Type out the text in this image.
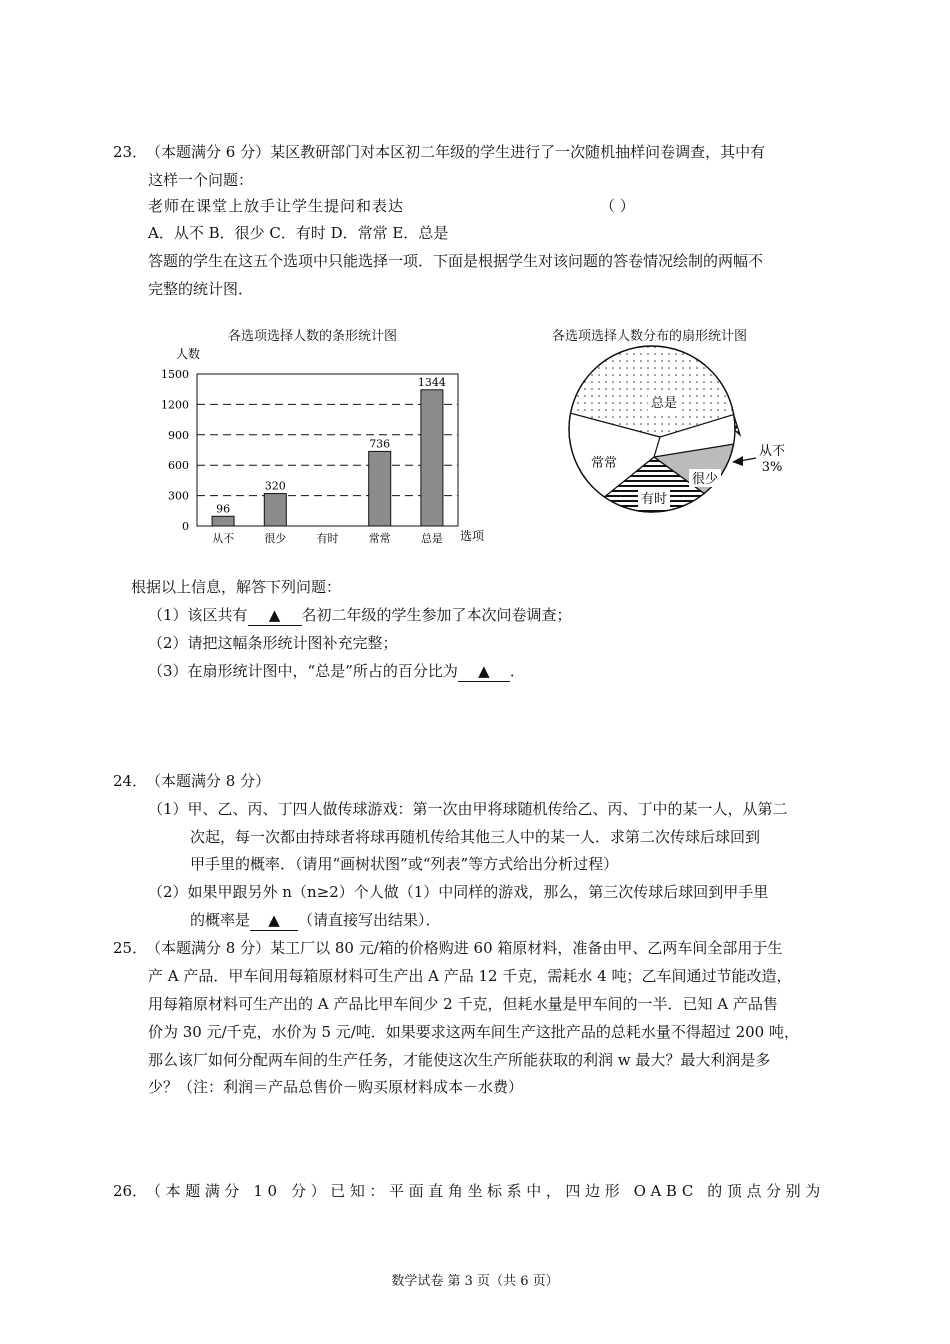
23．
（本题满分 6 分）某区教研部门对本区初二年级的学生进行了一次随机抽样问卷调查，其中有
这样一个问题：
老师在课堂上放手让学生提问和表达	（ ）
A．从不 B．很少 C．有时 D．常常 E．总是
答题的学生在这五个选项中只能选择一项．下面是根据学生对该问题的答卷情况绘制的两幅不
完整的统计图．
各选项选择人数的条形统计图
人数
选项
0
300
600
900
1200
1500
96
从不
320
很少	有时
736
常常
1344
总是
各选项选择人数分布的扇形统计图
总是
从不
3%
很少
有时
常常
根据以上信息，解答下列问题：
（1）该区共有 ▲ 名初二年级的学生参加了本次问卷调查；
（2）请把这幅条形统计图补充完整；
（3）在扇形统计图中，“总是”所占的百分比为 ▲ ．
24．
（本题满分 8 分）
（1）甲、乙、丙、丁四人做传球游戏：第一次由甲将球随机传给乙、丙、丁中的某一人，从第二
次起，每一次都由持球者将球再随机传给其他三人中的某一人．求第二次传球后球回到
甲手里的概率．（请用“画树状图”或“列表”等方式给出分析过程）
（2）如果甲跟另外 n（n≥2）个人做（1）中同样的游戏，那么，第三次传球后球回到甲手里
的概率是 ▲ （请直接写出结果）．
25．
（本题满分 8 分）某工厂以 80 元/箱的价格购进 60 箱原材料，准备由甲、乙两车间全部用于生
产 A 产品．甲车间用每箱原材料可生产出 A 产品 12 千克，需耗水 4 吨；乙车间通过节能改造，
用每箱原材料可生产出的 A 产品比甲车间少 2 千克，但耗水量是甲车间的一半．已知 A 产品售
价为 30 元/千克，水价为 5 元/吨．如果要求这两车间生产这批产品的总耗水量不得超过 200 吨，
那么该厂如何分配两车间的生产任务，才能使这次生产所能获取的利润 w 最大？最大利润是多
少？（注：利润＝产品总售价－购买原材料成本－水费）
26．
（本题满分 10 分）已知：平面直角坐标系中，四边形 OABC 的顶点分别为
数学试卷 第 3 页（共 6 页）
